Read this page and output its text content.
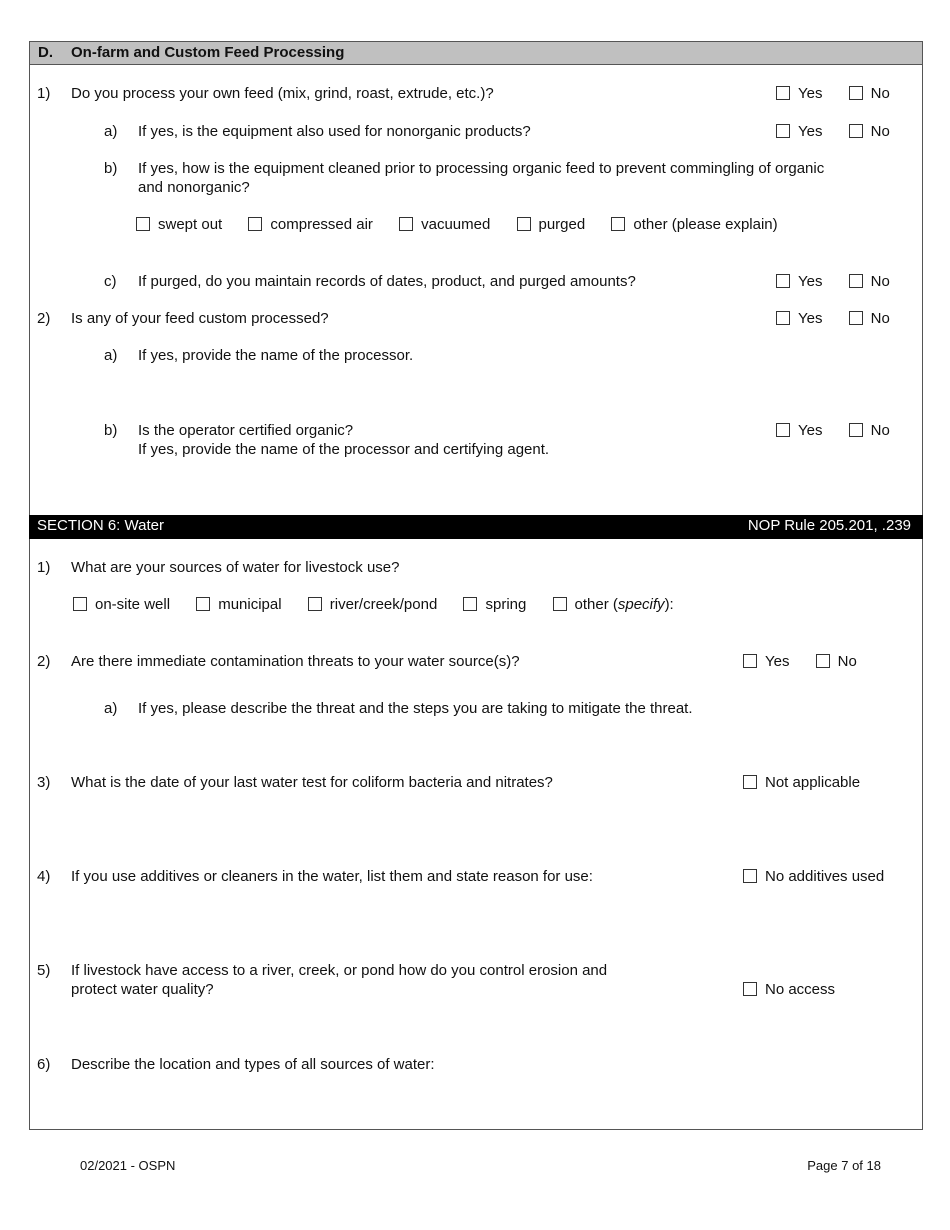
D. On-farm and Custom Feed Processing
1) Do you process your own feed (mix, grind, roast, extrude, etc.)?	Yes	No
a) If yes, is the equipment also used for nonorganic products?	Yes	No
b) If yes, how is the equipment cleaned prior to processing organic feed to prevent commingling of organic
and nonorganic?
swept out	compressed air	vacuumed	purged	other (please explain)
c) If purged, do you maintain records of dates, product, and purged amounts?	Yes	No
2) Is any of your feed custom processed?	Yes	No
a) If yes, provide the name of the processor.
b) Is the operator certified organic?
If yes, provide the name of the processor and certifying agent.
Yes	No
SECTION 6: Water	NOP Rule 205.201, .239
1) What are your sources of water for livestock use?
on-site well	municipal	river/creek/pond	spring	other (specify):
2) Are there immediate contamination threats to your water source(s)?	Yes	No
a) If yes, please describe the threat and the steps you are taking to mitigate the threat.
3) What is the date of your last water test for coliform bacteria and nitrates?	Not applicable
4) If you use additives or cleaners in the water, list them and state reason for use:	No additives used
5) If livestock have access to a river, creek, or pond how do you control erosion and
protect water quality?	No access
6) Describe the location and types of all sources of water:
02/2021 - OSPN	Page 7 of 18
